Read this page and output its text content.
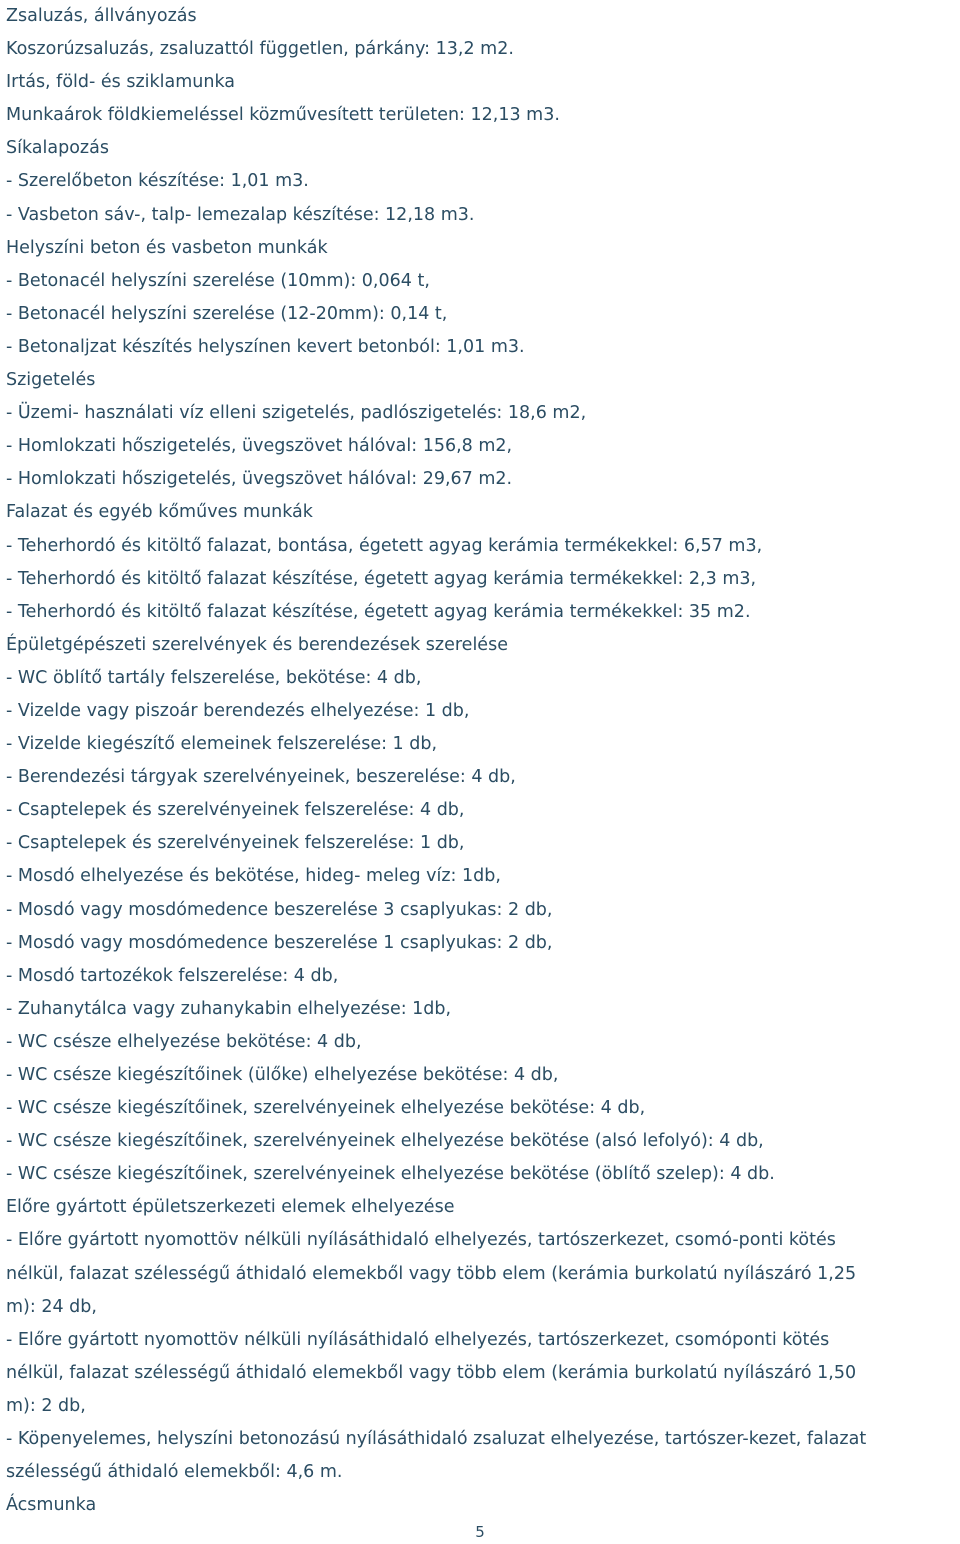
Zsaluzás, állványozás
Koszorúzsaluzás, zsaluzattól független, párkány: 13,2 m2.
Irtás, föld- és sziklamunka
Munkaárok földkiemeléssel közművesített területen: 12,13 m3.
Síkalapozás
- Szerelőbeton készítése: 1,01 m3.
- Vasbeton sáv-, talp- lemezalap készítése: 12,18 m3.
Helyszíni beton és vasbeton munkák
- Betonacél helyszíni szerelése (10mm): 0,064 t,
- Betonacél helyszíni szerelése (12-20mm): 0,14 t,
- Betonaljzat készítés helyszínen kevert betonból: 1,01 m3.
Szigetelés
- Üzemi- használati víz elleni szigetelés, padlószigetelés: 18,6 m2,
- Homlokzati hőszigetelés, üvegszövet hálóval: 156,8 m2,
- Homlokzati hőszigetelés, üvegszövet hálóval: 29,67 m2.
Falazat és egyéb kőműves munkák
- Teherhordó és kitöltő falazat, bontása, égetett agyag kerámia termékekkel: 6,57 m3,
- Teherhordó és kitöltő falazat készítése, égetett agyag kerámia termékekkel: 2,3 m3,
- Teherhordó és kitöltő falazat készítése, égetett agyag kerámia termékekkel: 35 m2.
Épületgépészeti szerelvények és berendezések szerelése
- WC öblítő tartály felszerelése, bekötése: 4 db,
- Vizelde vagy piszoár berendezés elhelyezése: 1 db,
- Vizelde kiegészítő elemeinek felszerelése: 1 db,
- Berendezési tárgyak szerelvényeinek, beszerelése: 4 db,
- Csaptelepek és szerelvényeinek felszerelése: 4 db,
- Csaptelepek és szerelvényeinek felszerelése: 1 db,
- Mosdó elhelyezése és bekötése, hideg- meleg víz: 1db,
- Mosdó vagy mosdómedence beszerelése 3 csaplyukas: 2 db,
- Mosdó vagy mosdómedence beszerelése 1 csaplyukas: 2 db,
- Mosdó tartozékok felszerelése: 4 db,
- Zuhanytálca vagy zuhanykabin elhelyezése: 1db,
- WC csésze elhelyezése bekötése: 4 db,
- WC csésze kiegészítőinek (ülőke) elhelyezése bekötése: 4 db,
- WC csésze kiegészítőinek, szerelvényeinek elhelyezése bekötése: 4 db,
- WC csésze kiegészítőinek, szerelvényeinek elhelyezése bekötése (alsó lefolyó): 4 db,
- WC csésze kiegészítőinek, szerelvényeinek elhelyezése bekötése (öblítő szelep): 4 db.
Előre gyártott épületszerkezeti elemek elhelyezése
- Előre gyártott nyomottöv nélküli nyílásáthidaló elhelyezés, tartószerkezet, csomó-ponti kötés
nélkül, falazat szélességű áthidaló elemekből vagy több elem (kerámia burkolatú nyílászáró 1,25
m): 24 db,
- Előre gyártott nyomottöv nélküli nyílásáthidaló elhelyezés, tartószerkezet, csomóponti kötés
nélkül, falazat szélességű áthidaló elemekből vagy több elem (kerámia burkolatú nyílászáró 1,50
m): 2 db,
- Köpenyelemes, helyszíni betonozású nyílásáthidaló zsaluzat elhelyezése, tartószer-kezet, falazat
szélességű áthidaló elemekből: 4,6 m.
Ácsmunka
5
